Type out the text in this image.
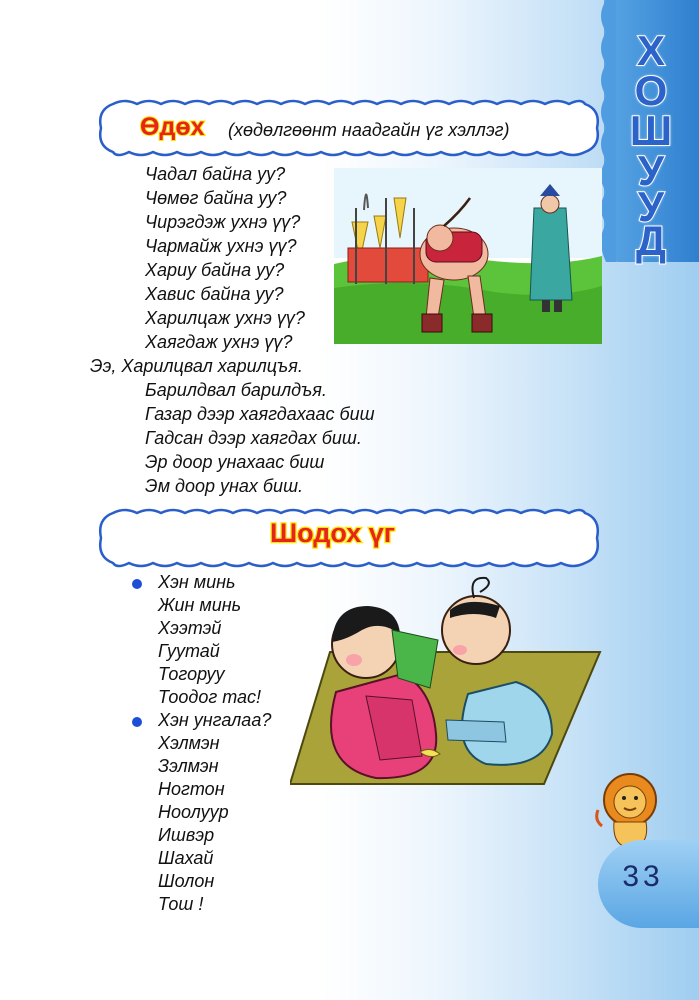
Х
О
Ш
У
У
Д
Өдөх (хөдөлгөөнт наадгайн үг хэллэг)
Чадал байна уу?
Чөмөг байна уу?
Чирэгдэж ухнэ үү?
Чармайж ухнэ үү?
Хариу байна уу?
Хавис байна уу?
Харилцаж ухнэ үү?
Хаягдаж ухнэ үү?
Ээ, Харилцвал харилцъя.
Барилдвал барилдъя.
Газар дээр хаягдахаас биш
Гадсан дээр хаягдах биш.
Эр доор унахаас биш
Эм доор унах биш.
Шодох үг
Хэн минь
Жин минь
Хээтэй
Гуутай
Тогоруу
Тоодог тас!
Хэн унгалаа?
Хэлмэн
Зэлмэн
Ногтон
Ноолуур
Ишвэр
Шахай
Шолон
Тош !
33
